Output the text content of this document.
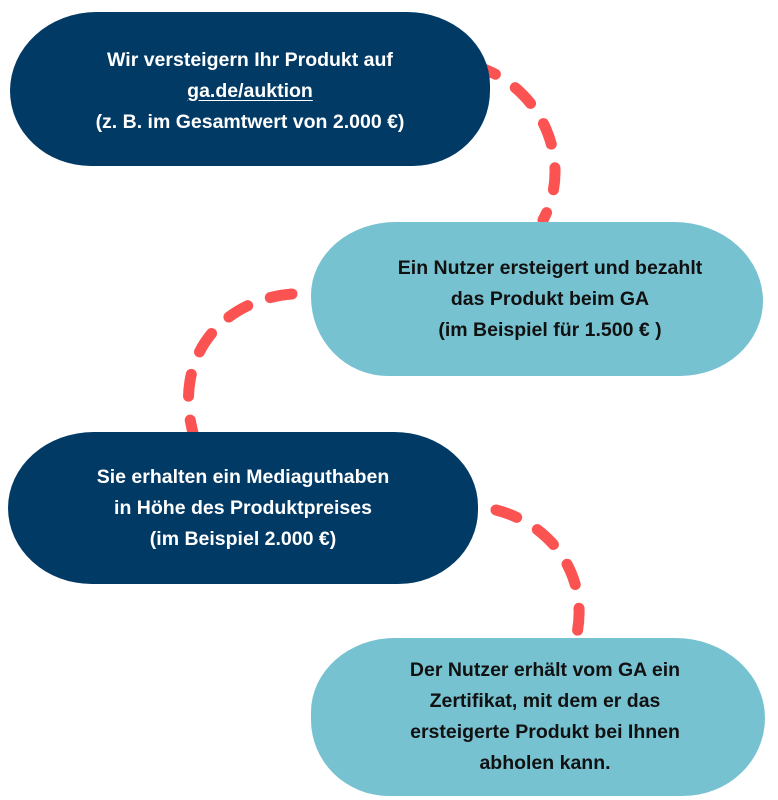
Wir versteigern Ihr Produkt auf
ga.de/auktion
(z. B. im Gesamtwert von 2.000 €)
Ein Nutzer ersteigert und bezahlt
das Produkt beim GA
(im Beispiel für 1.500 € )
Sie erhalten ein Mediaguthaben
in Höhe des Produktpreises
(im Beispiel 2.000 €)
Der Nutzer erhält vom GA ein
Zertifikat, mit dem er das
ersteigerte Produkt bei Ihnen
abholen kann.
